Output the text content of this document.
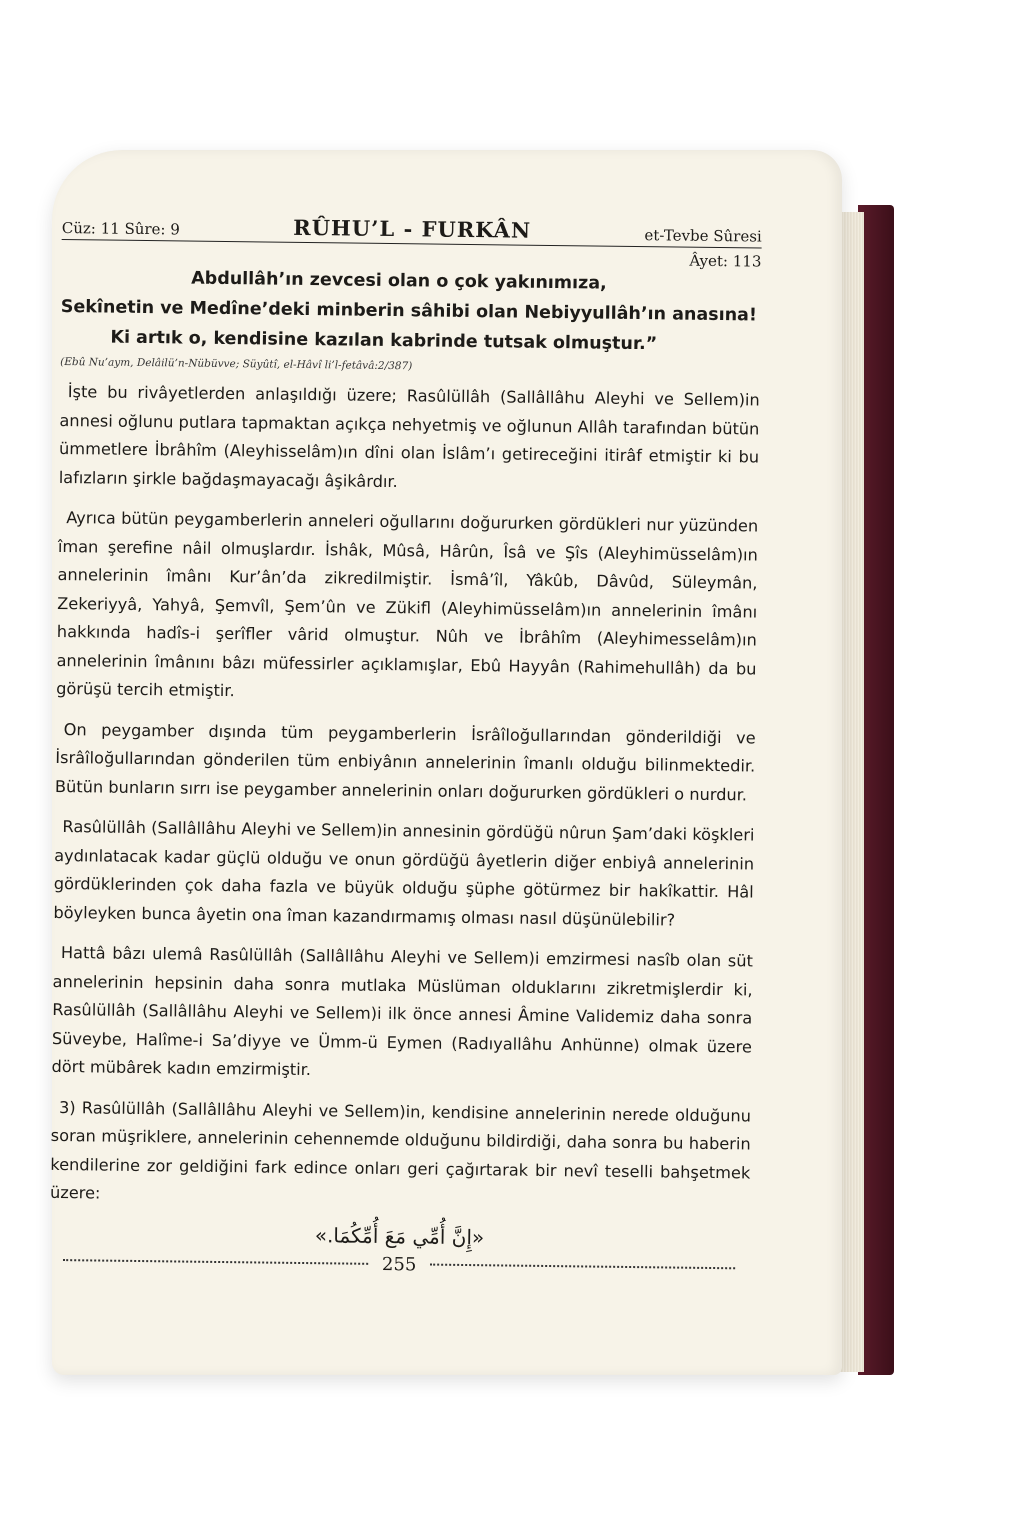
Cüz: 11 Sûre: 9	RÛHU’L - FURKÂN	et-Tevbe Sûresi
Âyet: 113

Abdullâh’ın zevcesi olan o çok yakınımıza,

Sekînetin ve Medîne’deki minberin sâhibi olan Nebiyyullâh’ın anasına!

Ki artık o, kendisine kazılan kabrinde tutsak olmuştur.”

(Ebû Nu’aym, Delâilü’n-Nübüvve; Süyûtî, el-Hâvî li’l-fetâvâ:2/387)

İşte bu rivâyetlerden anlaşıldığı üzere; Rasûlüllâh (Sallâllâhu Aleyhi ve Sellem)in annesi oğlunu putlara tapmaktan açıkça nehyetmiş ve oğlunun Allâh tarafından bütün ümmetlere İbrâhîm (Aleyhisselâm)ın dîni olan İslâm’ı getireceğini itirâf etmiştir ki bu lafızların şirkle bağdaşmayacağı âşikârdır.

Ayrıca bütün peygamberlerin anneleri oğullarını doğururken gördükleri nur yüzünden îman şerefine nâil olmuşlardır. İshâk, Mûsâ, Hârûn, Îsâ ve Şîs (Aleyhimüsselâm)ın annelerinin îmânı Kur’ân’da zikredilmiştir. İsmâ’îl, Yâkûb, Dâvûd, Süleymân, Zekeriyyâ, Yahyâ, Şemvîl, Şem’ûn ve Zükifl (Aleyhimüsselâm)ın annelerinin îmânı hakkında hadîs-i şerîfler vârid olmuştur. Nûh ve İbrâhîm (Aleyhimesselâm)ın annelerinin îmânını bâzı müfessirler açıklamışlar, Ebû Hayyân (Rahimehullâh) da bu görüşü tercih etmiştir.

On peygamber dışında tüm peygamberlerin İsrâîloğullarından gönderildiği ve İsrâîloğullarından gönderilen tüm enbiyânın annelerinin îmanlı olduğu bilinmektedir. Bütün bunların sırrı ise peygamber annelerinin onları doğururken gördükleri o nurdur.

Rasûlüllâh (Sallâllâhu Aleyhi ve Sellem)in annesinin gördüğü nûrun Şam’daki köşkleri aydınlatacak kadar güçlü olduğu ve onun gördüğü âyetlerin diğer enbiyâ annelerinin gördüklerinden çok daha fazla ve büyük olduğu şüphe götürmez bir hakîkattir. Hâl böyleyken bunca âyetin ona îman kazandırmamış olması nasıl düşünülebilir?

Hattâ bâzı ulemâ Rasûlüllâh (Sallâllâhu Aleyhi ve Sellem)i emzirmesi nasîb olan süt annelerinin hepsinin daha sonra mutlaka Müslüman olduklarını zikretmişlerdir ki, Rasûlüllâh (Sallâllâhu Aleyhi ve Sellem)i ilk önce annesi Âmine Validemiz daha sonra Süveybe, Halîme-i Sa’diyye ve Ümm-ü Eymen (Radıyallâhu Anhünne) olmak üzere dört mübârek kadın emzirmiştir.

3) Rasûlüllâh (Sallâllâhu Aleyhi ve Sellem)in, kendisine annelerinin nerede olduğunu soran müşriklere, annelerinin cehennemde olduğunu bildirdiği, daha sonra bu haberin kendilerine zor geldiğini fark edince onları geri çağırtarak bir nevî teselli bahşetmek üzere:

«إِنَّ أُمِّي مَعَ أُمِّكُمَا.»
255
